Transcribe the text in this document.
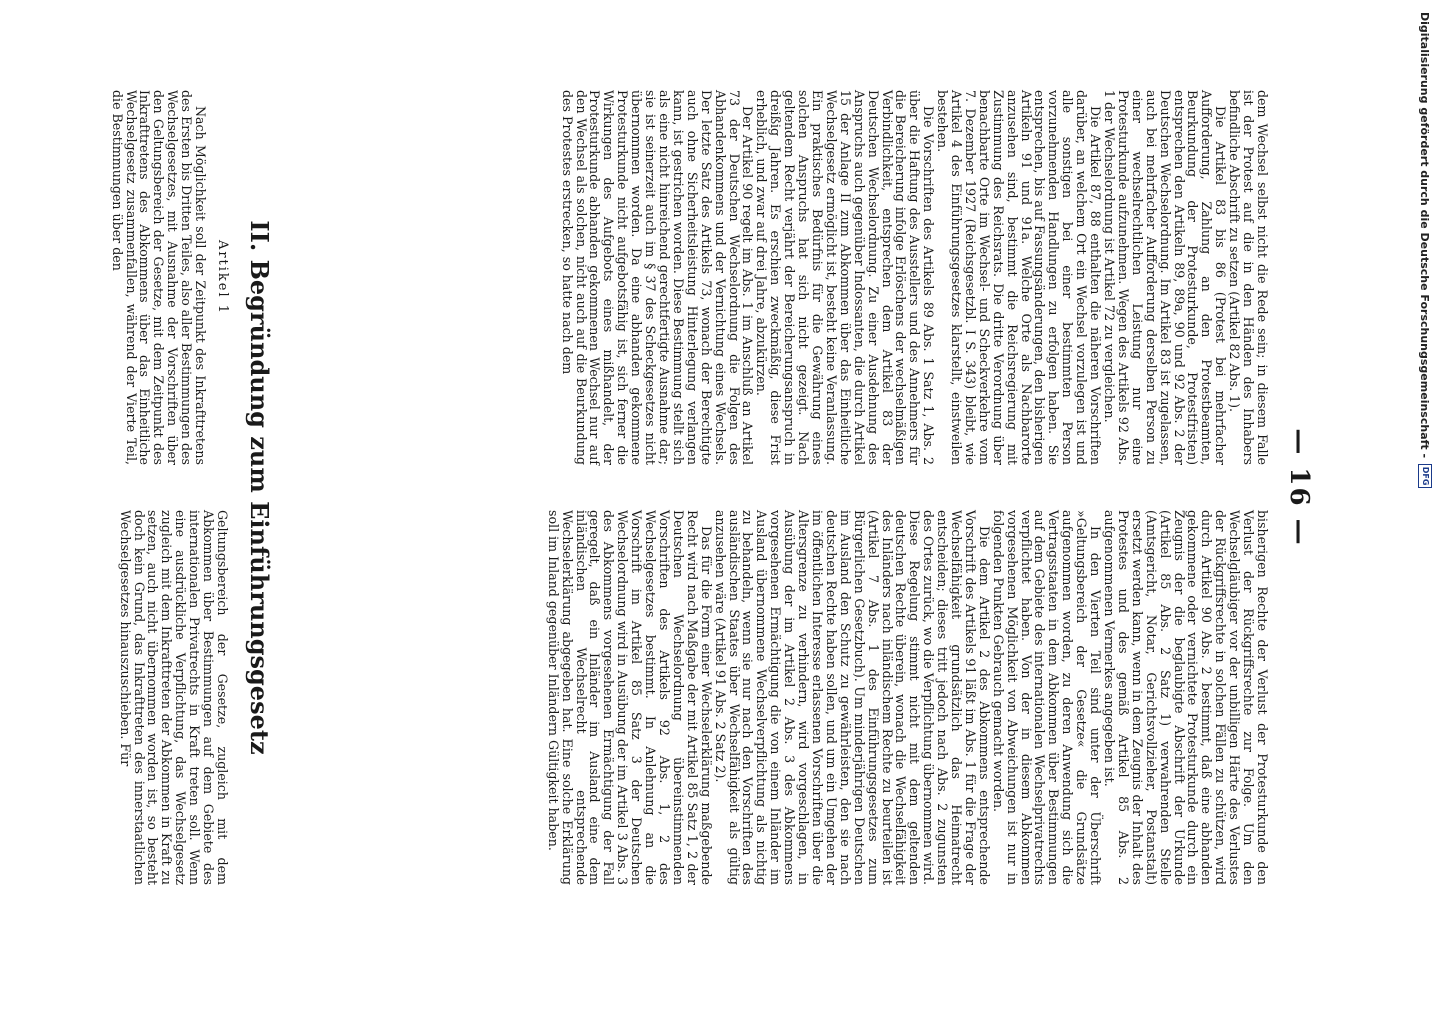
Digitalisierung gefördert durch die Deutsche Forschungsgemeinschaft -
DFG
— 16 —

dem Wechsel selbst nicht die Rede sein; in diesem Falle ist der Protest auf die in den Händen des Inhabers befindliche Abschrift zu setzen (Artikel 82 Abs. 1).

Die Artikel 83 bis 86 (Protest bei mehrfacher Aufforderung, Zahlung an den Protestbeamten, Beurkundung der Protesturkunde, Protestfristen) entsprechen den Artikeln 89, 89a, 90 und 92 Abs. 2 der Deutschen Wechselordnung. Im Artikel 83 ist zugelassen, auch bei mehrfacher Aufforderung derselben Person zu einer wechselrechtlichen Leistung nur eine Protesturkunde aufzunehmen. Wegen des Artikels 92 Abs. 1 der Wechselordnung ist Artikel 72 zu vergleichen.

Die Artikel 87, 88 enthalten die näheren Vorschriften darüber, an welchem Ort ein Wechsel vorzulegen ist und alle sonstigen bei einer bestimmten Person vorzunehmenden Handlungen zu erfolgen haben. Sie entsprechen, bis auf Fassungsänderungen, den bisherigen Artikeln 91 und 91a. Welche Orte als Nachbarorte anzusehen sind, bestimmt die Reichsregierung mit Zustimmung des Reichsrats. Die dritte Verordnung über benachbarte Orte im Wechsel- und Scheckverkehre vom 7. Dezember 1927 (Reichsgesetzbl. I S. 343) bleibt, wie Artikel 4 des Einführungsgesetzes klarstellt, einstweilen bestehen.

Die Vorschriften des Artikels 89 Abs. 1 Satz 1, Abs. 2 über die Haftung des Ausstellers und des Annehmers für die Bereicherung infolge Erlöschens der wechselmäßigen Verbindlichkeit, entsprechen dem Artikel 83 der Deutschen Wechselordnung. Zu einer Ausdehnung des Anspruchs auch gegenüber Indossanten, die durch Artikel 15 der Anlage II zum Abkommen über das Einheitliche Wechselgesetz ermöglicht ist, besteht keine Veranlassung. Ein praktisches Bedürfnis für die Gewährung eines solchen Anspruchs hat sich nicht gezeigt. Nach geltendem Recht verjährt der Bereicherungsanspruch in dreißig Jahren. Es erschien zweckmäßig, diese Frist erheblich, und zwar auf drei Jahre, abzukürzen.

Der Artikel 90 regelt im Abs. 1 im Anschluß an Artikel 73 der Deutschen Wechselordnung die Folgen des Abhandenkommens und der Vernichtung eines Wechsels. Der letzte Satz des Artikels 73, wonach der Berechtigte auch ohne Sicherheitsleistung Hinterlegung verlangen kann, ist gestrichen worden. Diese Bestimmung stellt sich als eine nicht hinreichend gerechtfertigte Ausnahme dar; sie ist seinerzeit auch im § 37 des Scheckgesetzes nicht übernommen worden. Da eine abhanden gekommene Protesturkunde nicht aufgebotsfähig ist, sich ferner die Wirkungen des Aufgebots eines mißhandelt, der Protesturkunde abhanden gekommenen Wechsel nur auf den Wechsel als solchen, nicht auch auf die Beurkundung des Protestes erstrecken, so hatte nach dem

bisherigen Rechte der Verlust der Protesturkunde den Verlust der Rückgriffsrechte zur Folge. Um den Wechselgläubiger vor der unbilligen Härte des Verlustes der Rückgriffsrechte in solchen Fällen zu schützen, wird durch Artikel 90 Abs. 2 bestimmt, daß eine abhanden gekommene oder vernichtete Protesturkunde durch ein Zeugnis der die beglaubigte Abschrift der Urkunde (Artikel 85 Abs. 2 Satz 1) verwahrenden Stelle (Amtsgericht, Notar, Gerichtsvollzieher, Postanstalt) ersetzt werden kann, wenn in dem Zeugnis der Inhalt des Protestes und des gemäß Artikel 85 Abs. 2 aufgenommenen Vermerkes angegeben ist.

In den Vierten Teil sind unter der Überschrift »Geltungsbereich der Gesetze« die Grundsätze aufgenommen worden, zu deren Anwendung sich die Vertragsstaaten in dem Abkommen über Bestimmungen auf dem Gebiete des internationalen Wechselprivatrechts verpflichtet haben. Von der in diesem Abkommen vorgesehenen Möglichkeit von Abweichungen ist nur in folgenden Punkten Gebrauch gemacht worden.

Die dem Artikel 2 des Abkommens entsprechende Vorschrift des Artikels 91 läßt im Abs. 1 für die Frage der Wechselfähigkeit grundsätzlich das Heimatrecht entscheiden; dieses tritt jedoch nach Abs. 2 zugunsten des Ortes zurück, wo die Verpflichtung übernommen wird. Diese Regelung stimmt nicht mit dem geltenden deutschen Rechte überein, wonach die Wechselfähigkeit des Inländers nach inländischem Rechte zu beurteilen ist (Artikel 7 Abs. 1 des Einführungsgesetzes zum Bürgerlichen Gesetzbuch). Um minderjährigen Deutschen im Ausland den Schutz zu gewährleisten, den sie nach deutschen Rechte haben sollen, und um ein Umgehen der im öffentlichen Interesse erlassenen Vorschriften über die Altersgrenze zu verhindern, wird vorgeschlagen, in Ausübung der im Artikel 2 Abs. 3 des Abkommens vorgesehenen Ermächtigung die von einem Inländer im Ausland übernommene Wechselverpflichtung als nichtig zu behandeln, wenn sie nur nach den Vorschriften des ausländischen Staates über Wechselfähigkeit als gültig anzusehen wäre (Artikel 91 Abs. 2 Satz 2).

Das für die Form einer Wechselerklärung maßgebende Recht wird nach Maßgabe der mit Artikel 85 Satz 1, 2 der Deutschen Wechselordnung übereinstimmenden Vorschriften des Artikels 92 Abs. 1, 2 des Wechselgesetzes bestimmt. In Anlehnung an die Vorschrift im Artikel 85 Satz 3 der Deutschen Wechselordnung wird in Ausübung der im Artikel 3 Abs. 3 des Abkommens vorgesehenen Ermächtigung der Fall geregelt, daß ein Inländer im Ausland eine dem inländischen Wechselrecht entsprechende Wechselerklärung abgegeben hat. Eine solche Erklärung soll im Inland gegenüber Inländern Gültigkeit haben.

II. Begründung zum Einführungsgesetz
Artikel 1

Nach Möglichkeit soll der Zeitpunkt des Inkrafttretens des Ersten bis Dritten Teiles, also aller Bestimmungen des Wechselgesetzes, mit Ausnahme der Vorschriften über den Geltungsbereich der Gesetze, mit dem Zeitpunkt des Inkrafttretens des Abkommens über das Einheitliche Wechselgesetz zusammenfallen, während der Vierte Teil, die Bestimmungen über den

Geltungsbereich der Gesetze, zugleich mit dem Abkommen über Bestimmungen auf dem Gebiete des internationalen Privatrechts in Kraft treten soll. Wenn eine ausdrückliche Verpflichtung, das Wechselgesetz zugleich mit dem Inkrafttreten der Abkommen in Kraft zu setzen, auch nicht übernommen worden ist, so besteht doch kein Grund, das Inkrafttreten des innerstaatlichen Wechselgesetzes hinauszuschieben. Für
